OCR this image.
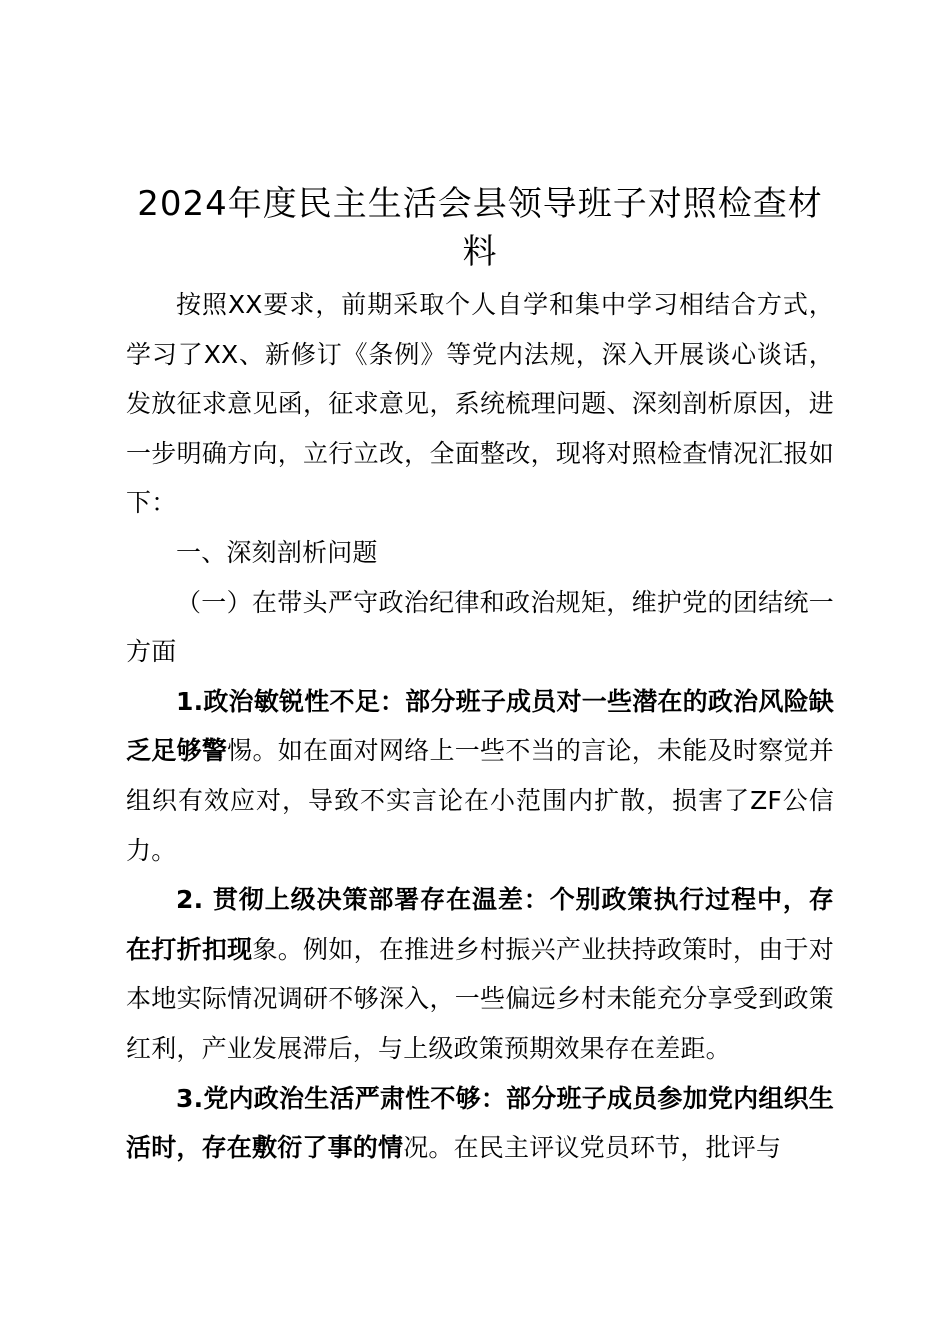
2024年度民主生活会县领导班子对照检查材料

按照XX要求，前期采取个人自学和集中学习相结合方式，学习了XX、新修订《条例》等党内法规，深入开展谈心谈话，发放征求意见函，征求意见，系统梳理问题、深刻剖析原因，进一步明确方向，立行立改，全面整改，现将对照检查情况汇报如下：

一、深刻剖析问题

（一）在带头严守政治纪律和政治规矩，维护党的团结统一方面

1.政治敏锐性不足：部分班子成员对一些潜在的政治风险缺乏足够警惕。如在面对网络上一些不当的言论，未能及时察觉并组织有效应对，导致不实言论在小范围内扩散，损害了ZF公信力。

2. 贯彻上级决策部署存在温差：个别政策执行过程中，存在打折扣现象。例如，在推进乡村振兴产业扶持政策时，由于对本地实际情况调研不够深入，一些偏远乡村未能充分享受到政策红利，产业发展滞后，与上级政策预期效果存在差距。

3.党内政治生活严肃性不够：部分班子成员参加党内组织生活时，存在敷衍了事的情况。在民主评议党员环节，批评与
